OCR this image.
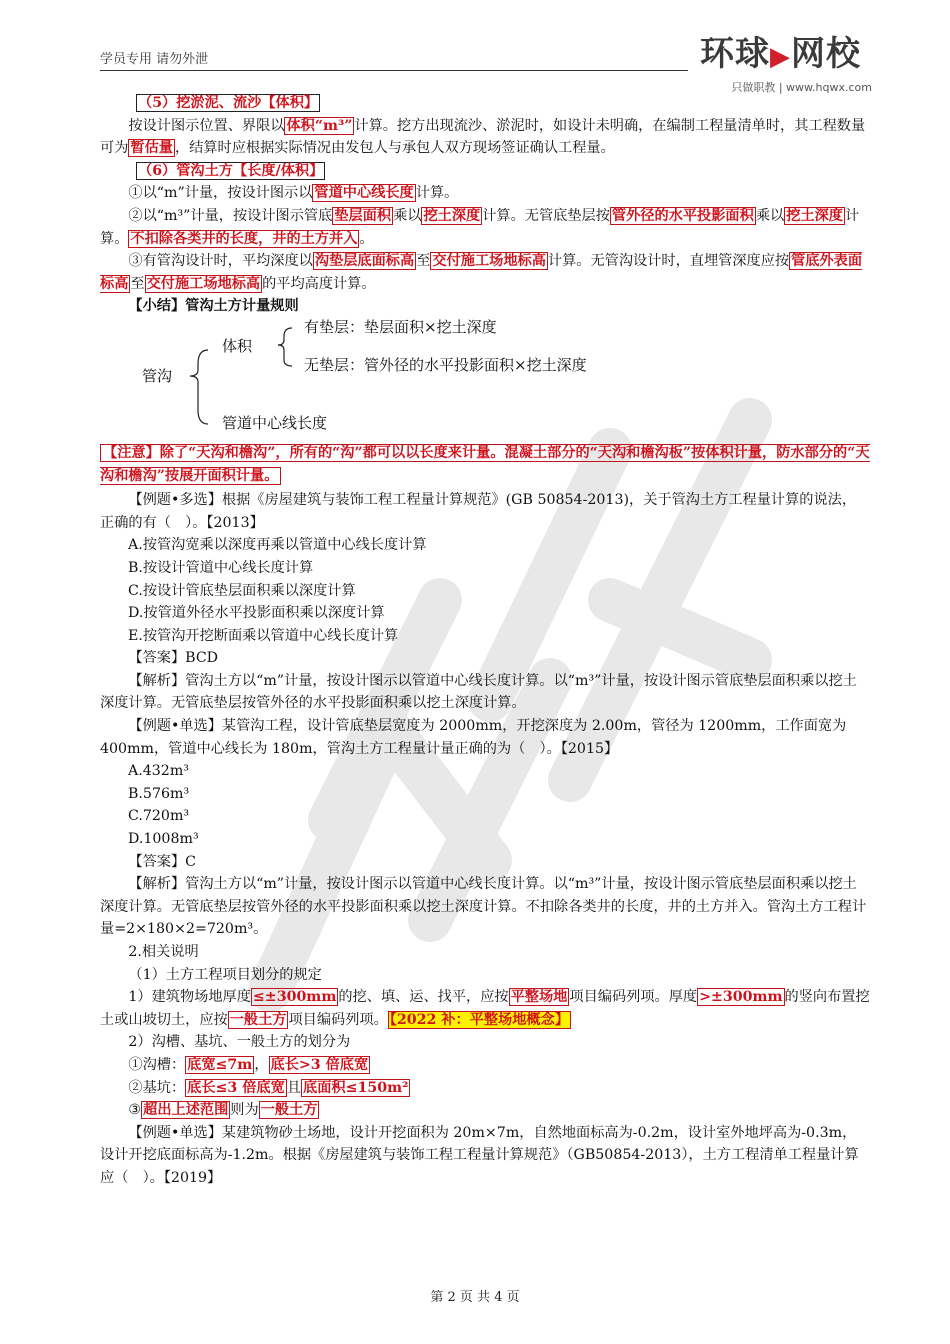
学员专用 请勿外泄	环球▶网校
只做职教 | www.hqwx.com

（5）挖淤泥、流沙【体积】

按设计图示位置、界限以 体积“m³” 计算。挖方出现流沙、淤泥时，如设计未明确，在编制工程量清单时，其工程数量可为 暂估量 ，结算时应根据实际情况由发包人与承包人双方现场签证确认工程量。

（6）管沟土方【长度/体积】

①以“m”计量，按设计图示以 管道中心线长度 计算。

②以“m³”计量，按设计图示管底 垫层面积 乘以 挖土深度 计算。无管底垫层按 管外径的水平投影面积 乘以 挖土深度 计算。 不扣除各类井的长度，井的土方并入 。

③有管沟设计时，平均深度以 沟垫层底面标高 至 交付施工场地标高 计算。无管沟设计时，直埋管深度应按 管底外表面标高 至 交付施工场地标高 的平均高度计算。

【小结】管沟土方计量规则

管沟
体积
有垫层：垫层面积×挖土深度
无垫层：管外径的水平投影面积×挖土深度
管道中心线长度

【注意】除了“天沟和檐沟”，所有的“沟”都可以以长度来计量。混凝土部分的“天沟和檐沟板”按体积计量，防水部分的“天沟和檐沟”按展开面积计量。

【例题•多选】根据《房屋建筑与装饰工程工程量计算规范》(GB 50854-2013)，关于管沟土方工程量计算的说法，正确的有（　）。【2013】

A.按管沟宽乘以深度再乘以管道中心线长度计算

B.按设计管道中心线长度计算

C.按设计管底垫层面积乘以深度计算

D.按管道外径水平投影面积乘以深度计算

E.按管沟开挖断面乘以管道中心线长度计算

【答案】BCD

【解析】管沟土方以“m”计量，按设计图示以管道中心线长度计算。以“m³”计量，按设计图示管底垫层面积乘以挖土深度计算。无管底垫层按管外径的水平投影面积乘以挖土深度计算。

【例题•单选】某管沟工程，设计管底垫层宽度为 2000mm，开挖深度为 2.00m，管径为 1200mm，工作面宽为 400mm，管道中心线长为 180m，管沟土方工程量计量正确的为（　）。【2015】

A.432m³

B.576m³

C.720m³

D.1008m³

【答案】C

【解析】管沟土方以“m”计量，按设计图示以管道中心线长度计算。以“m³”计量，按设计图示管底垫层面积乘以挖土深度计算。无管底垫层按管外径的水平投影面积乘以挖土深度计算。不扣除各类井的长度，井的土方并入。管沟土方工程计量=2×180×2=720m³。

2.相关说明

（1）土方工程项目划分的规定

1）建筑物场地厚度 ≤±300mm 的挖、填、运、找平，应按 平整场地 项目编码列项。厚度 >±300mm 的竖向布置挖土或山坡切土，应按 一般土方 项目编码列项。 【2022 补：平整场地概念】

2）沟槽、基坑、一般土方的划分为

①沟槽： 底宽≤7m ， 底长>3 倍底宽

②基坑： 底长≤3 倍底宽 且 底面积≤150m²

③ 超出上述范围 则为 一般土方

【例题•单选】某建筑物砂土场地，设计开挖面积为 20m×7m，自然地面标高为-0.2m，设计室外地坪高为-0.3m，设计开挖底面标高为-1.2m。根据《房屋建筑与装饰工程工程量计算规范》（GB50854-2013），土方工程清单工程量计算应（　）。【2019】

第 2 页 共 4 页
